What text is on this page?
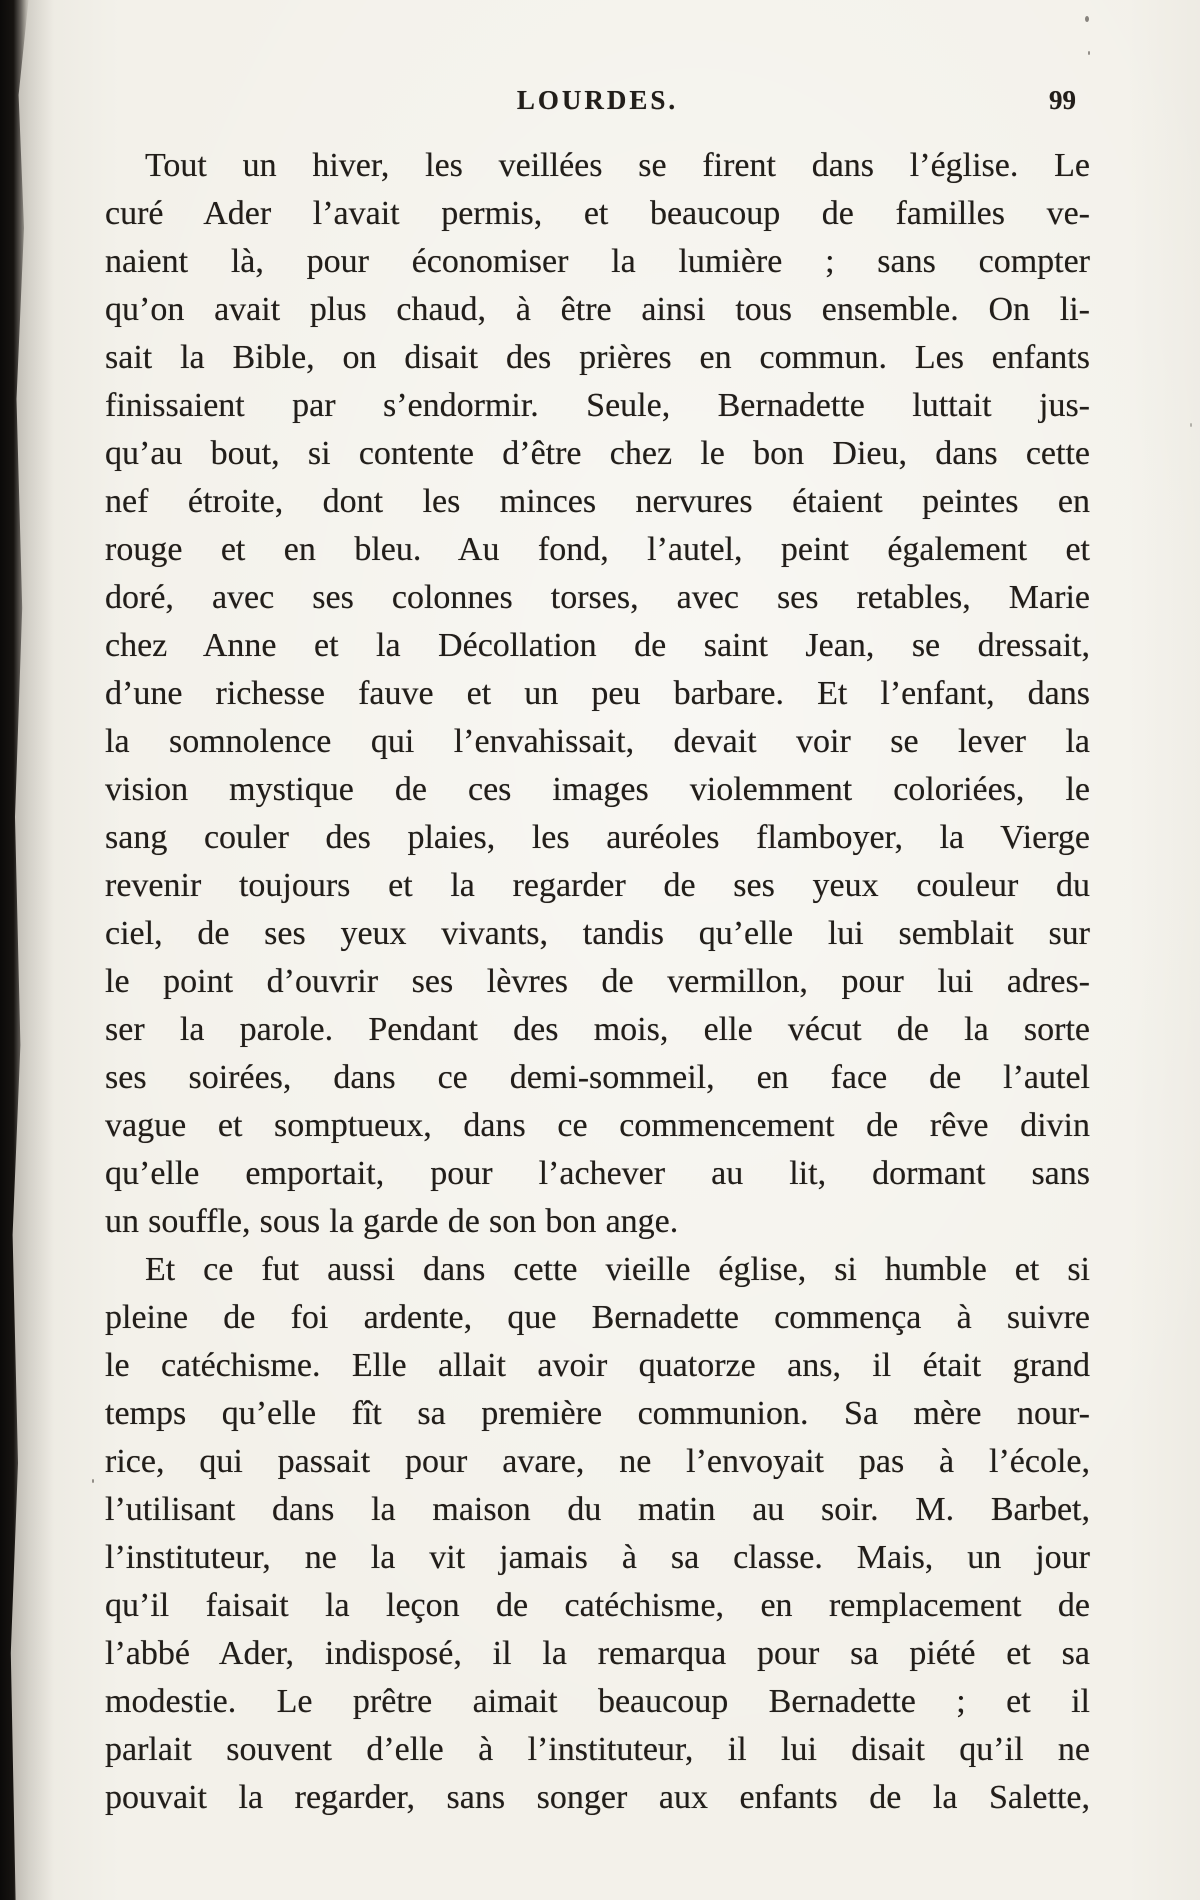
LOURDES.	99
Tout un hiver, les veillées se firent dans l’église. Le
curé Ader l’avait permis, et beaucoup de familles ve-
naient là, pour économiser la lumière ; sans compter
qu’on avait plus chaud, à être ainsi tous ensemble. On li-
sait la Bible, on disait des prières en commun. Les enfants
finissaient par s’endormir. Seule, Bernadette luttait jus-
qu’au bout, si contente d’être chez le bon Dieu, dans cette
nef étroite, dont les minces nervures étaient peintes en
rouge et en bleu. Au fond, l’autel, peint également et
doré, avec ses colonnes torses, avec ses retables, Marie
chez Anne et la Décollation de saint Jean, se dressait,
d’une richesse fauve et un peu barbare. Et l’enfant, dans
la somnolence qui l’envahissait, devait voir se lever la
vision mystique de ces images violemment coloriées, le
sang couler des plaies, les auréoles flamboyer, la Vierge
revenir toujours et la regarder de ses yeux couleur du
ciel, de ses yeux vivants, tandis qu’elle lui semblait sur
le point d’ouvrir ses lèvres de vermillon, pour lui adres-
ser la parole. Pendant des mois, elle vécut de la sorte
ses soirées, dans ce demi-sommeil, en face de l’autel
vague et somptueux, dans ce commencement de rêve divin
qu’elle emportait, pour l’achever au lit, dormant sans
un souffle, sous la garde de son bon ange.
Et ce fut aussi dans cette vieille église, si humble et si
pleine de foi ardente, que Bernadette commença à suivre
le catéchisme. Elle allait avoir quatorze ans, il était grand
temps qu’elle fît sa première communion. Sa mère nour-
rice, qui passait pour avare, ne l’envoyait pas à l’école,
l’utilisant dans la maison du matin au soir. M. Barbet,
l’instituteur, ne la vit jamais à sa classe. Mais, un jour
qu’il faisait la leçon de catéchisme, en remplacement de
l’abbé Ader, indisposé, il la remarqua pour sa piété et sa
modestie. Le prêtre aimait beaucoup Bernadette ; et il
parlait souvent d’elle à l’instituteur, il lui disait qu’il ne
pouvait la regarder, sans songer aux enfants de la Salette,
